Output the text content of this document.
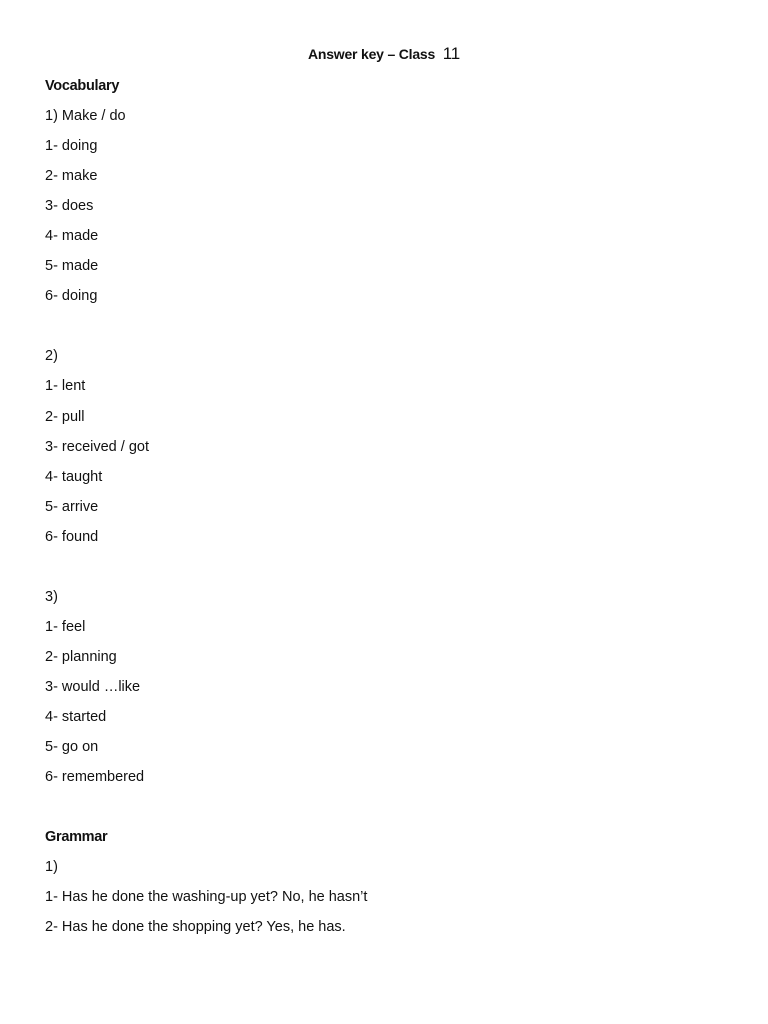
Answer key – Class 11
Vocabulary
1) Make / do
1- doing
2- make
3- does
4- made
5- made
6- doing
2)
1- lent
2- pull
3- received / got
4- taught
5- arrive
6- found
3)
1- feel
2- planning
3- would …like
4- started
5- go on
6- remembered
Grammar
1)
1- Has he done the washing-up yet? No, he hasn’t
2- Has he done the shopping yet? Yes, he has.
